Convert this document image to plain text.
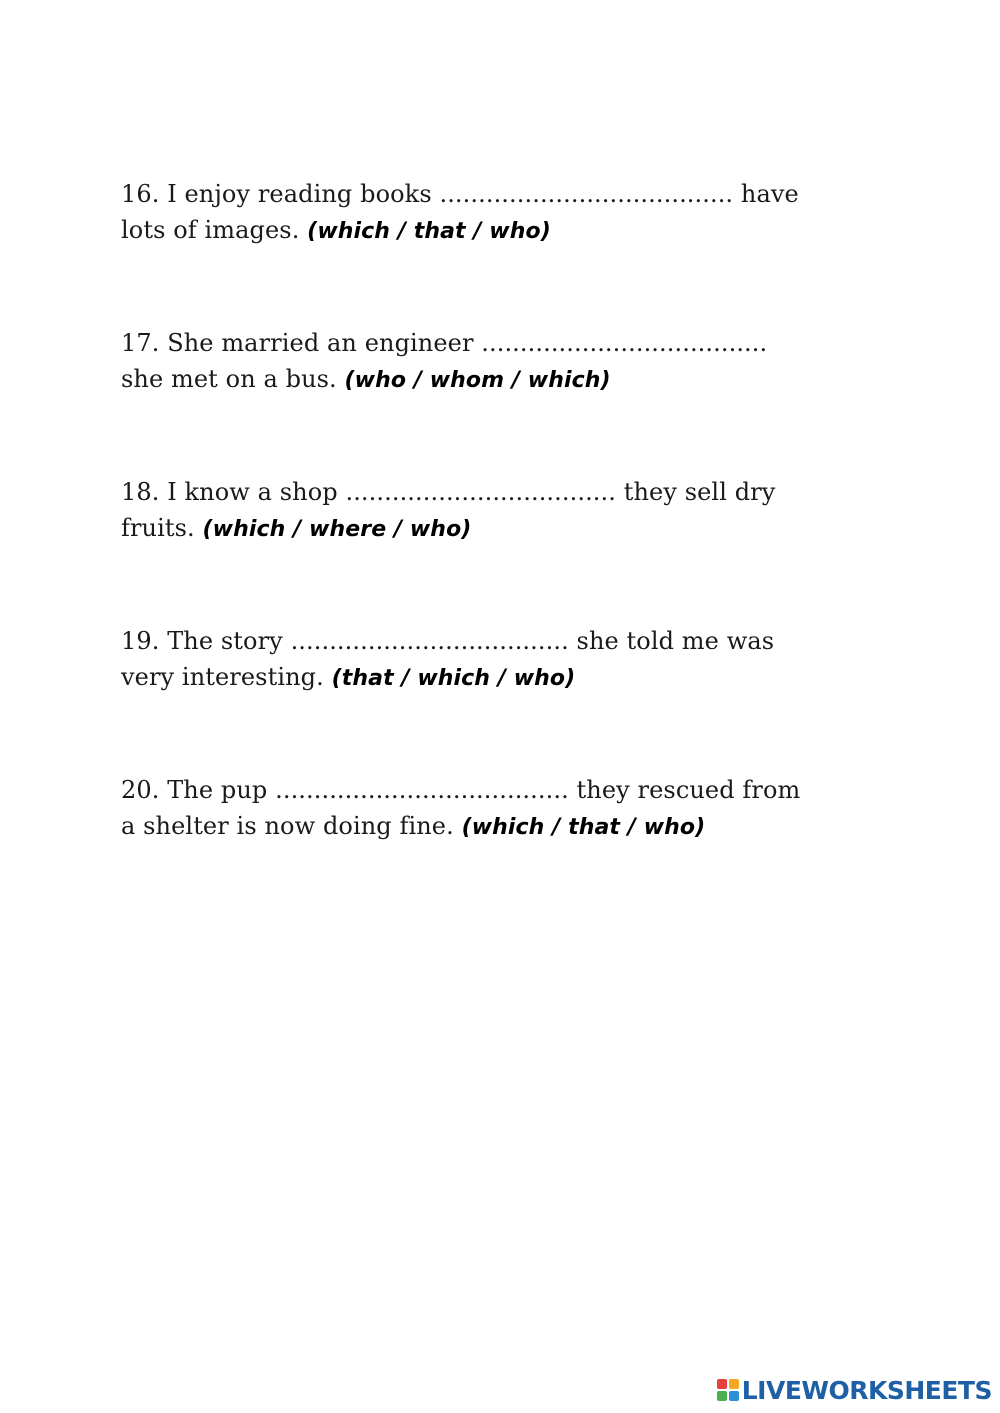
16. I enjoy reading books ...................................... have
lots of images. (which / that / who)
17. She married an engineer .....................................
she met on a bus. (who / whom / which)
18. I know a shop ................................... they sell dry
fruits. (which / where / who)
19. The story .................................... she told me was
very interesting. (that / which / who)
20. The pup ...................................... they rescued from
a shelter is now doing fine. (which / that / who)
LIVEWORKSHEETS
